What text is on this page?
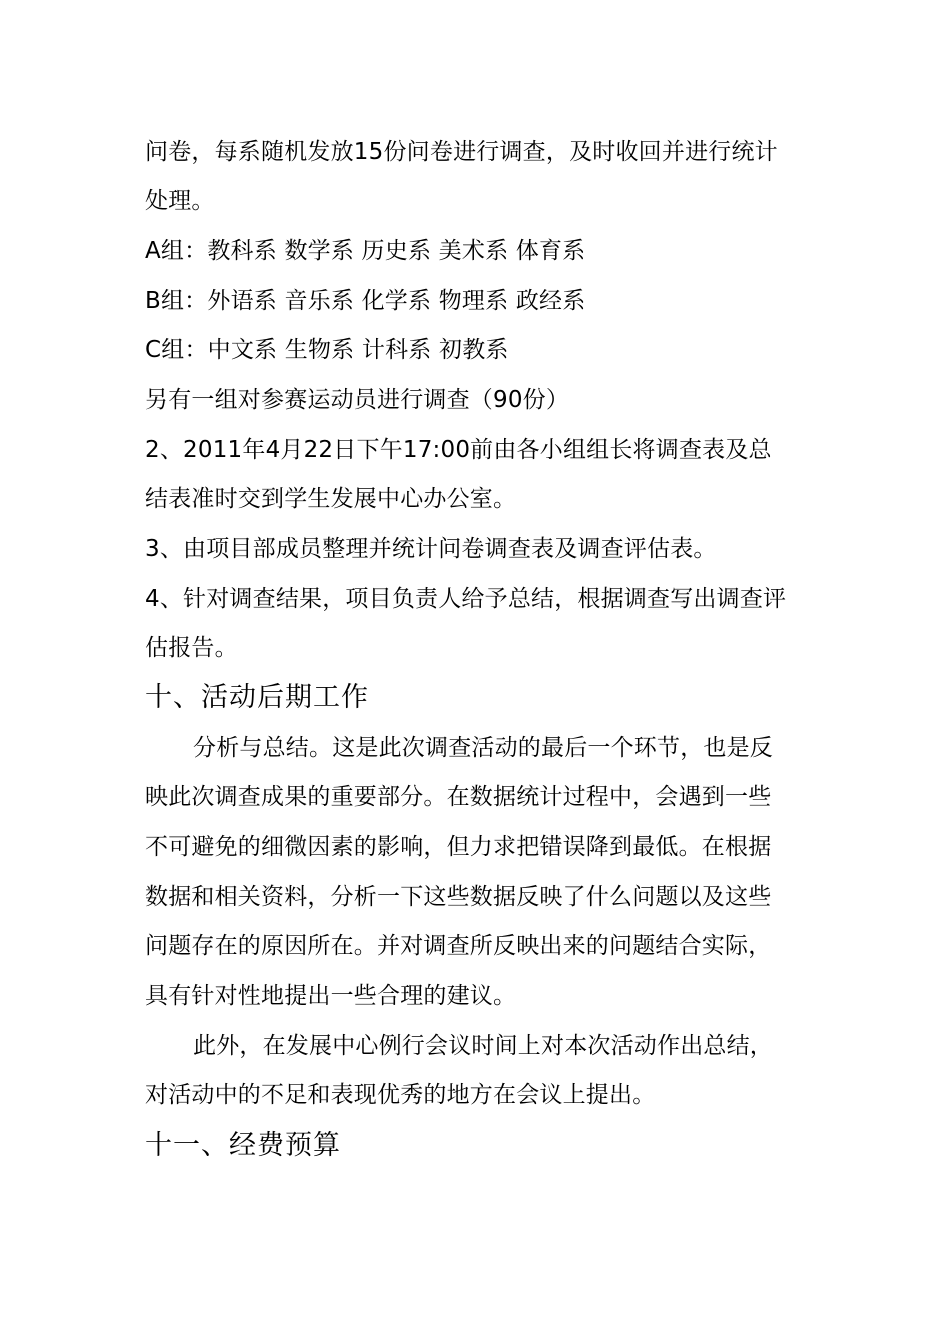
问卷，每系随机发放15份问卷进行调查，及时收回并进行统计
处理。
A组：教科系 数学系 历史系 美术系 体育系
B组：外语系 音乐系 化学系 物理系 政经系
C组：中文系 生物系 计科系 初教系
另有一组对参赛运动员进行调查（90份）
2、2011年4月22日下午17:00前由各小组组长将调查表及总
结表准时交到学生发展中心办公室。
3、由项目部成员整理并统计问卷调查表及调查评估表。
4、针对调查结果，项目负责人给予总结，根据调查写出调查评
估报告。
十、活动后期工作
分析与总结。这是此次调查活动的最后一个环节，也是反
映此次调查成果的重要部分。在数据统计过程中，会遇到一些
不可避免的细微因素的影响，但力求把错误降到最低。在根据
数据和相关资料，分析一下这些数据反映了什么问题以及这些
问题存在的原因所在。并对调查所反映出来的问题结合实际，
具有针对性地提出一些合理的建议。
此外，在发展中心例行会议时间上对本次活动作出总结，
对活动中的不足和表现优秀的地方在会议上提出。
十一、经费预算
